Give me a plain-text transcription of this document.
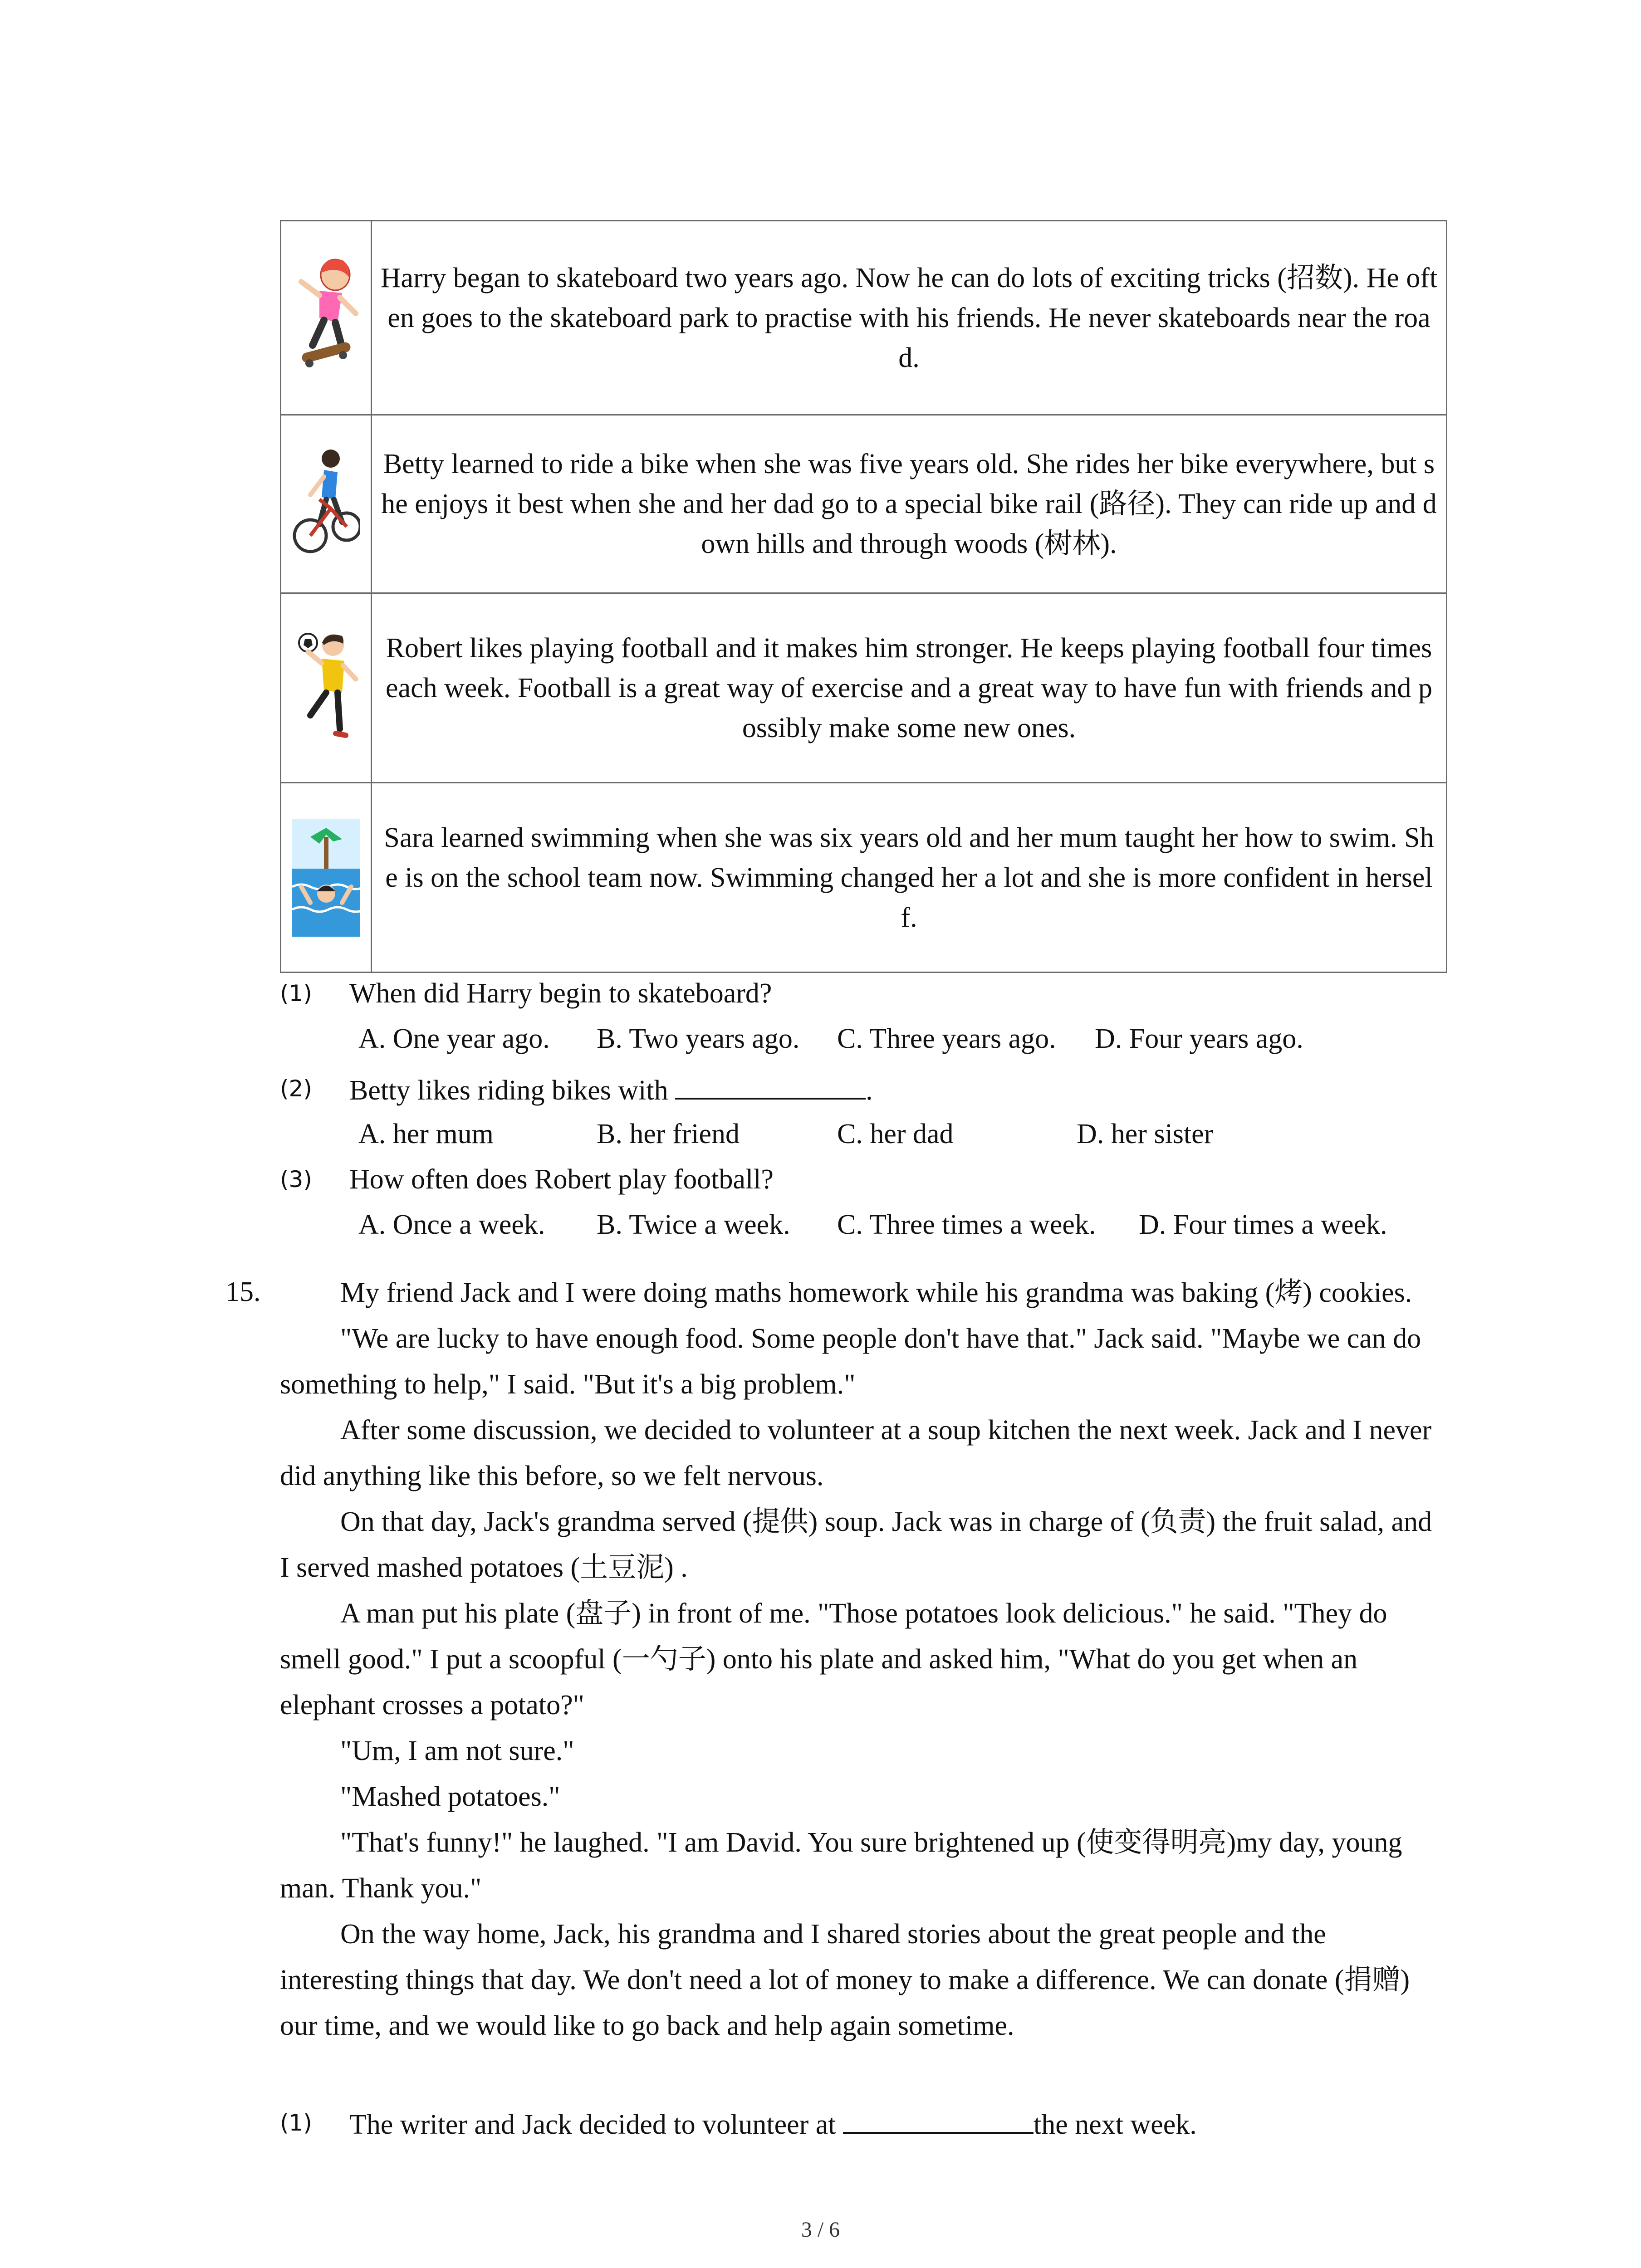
	Harry began to skateboard two years ago. Now he can do lots of exciting tricks (招数). He often goes to the skateboard park to practise with his friends. He never skateboards near the road.

	Betty learned to ride a bike when she was five years old. She rides her bike everywhere, but she enjoys it best when she and her dad go to a special bike rail (路径). They can ride up and down hills and through woods (树林).

	Robert likes playing football and it makes him stronger. He keeps playing football four times each week. Football is a great way of exercise and a great way to have fun with friends and possibly make some new ones.

	Sara learned swimming when she was six years old and her mum taught her how to swim. She is on the school team now. Swimming changed her a lot and she is more confident in herself.
(1) When did Harry begin to skateboard?
A. One year ago. B. Two years ago. C. Three years ago. D. Four years ago.
(2) Betty likes riding bikes with	.
A. her mum	B. her friend	C. her dad	D. her sister
(3) How often does Robert play football?
A. Once a week. B. Twice a week. C. Three times a week. D. Four times a week.
15.	My friend Jack and I were doing maths homework while his grandma was baking (烤) cookies.

"We are lucky to have enough food. Some people don't have that." Jack said. "Maybe we can do something to help," I said. "But it's a big problem."

After some discussion, we decided to volunteer at a soup kitchen the next week. Jack and I never did anything like this before, so we felt nervous.

On that day, Jack's grandma served (提供) soup. Jack was in charge of (负责) the fruit salad, and I served mashed potatoes (土豆泥) .

A man put his plate (盘子) in front of me. "Those potatoes look delicious." he said. "They do smell good." I put a scoopful (一勺子) onto his plate and asked him, "What do you get when an elephant crosses a potato?"

"Um, I am not sure."

"Mashed potatoes."

"That's funny!" he laughed. "I am David. You sure brightened up (使变得明亮)my day, young man. Thank you."

On the way home, Jack, his grandma and I shared stories about the great people and the interesting things that day. We don't need a lot of money to make a difference. We can donate (捐赠) our time, and we would like to go back and help again sometime.

(1) The writer and Jack decided to volunteer at	the next week.
3 / 6
